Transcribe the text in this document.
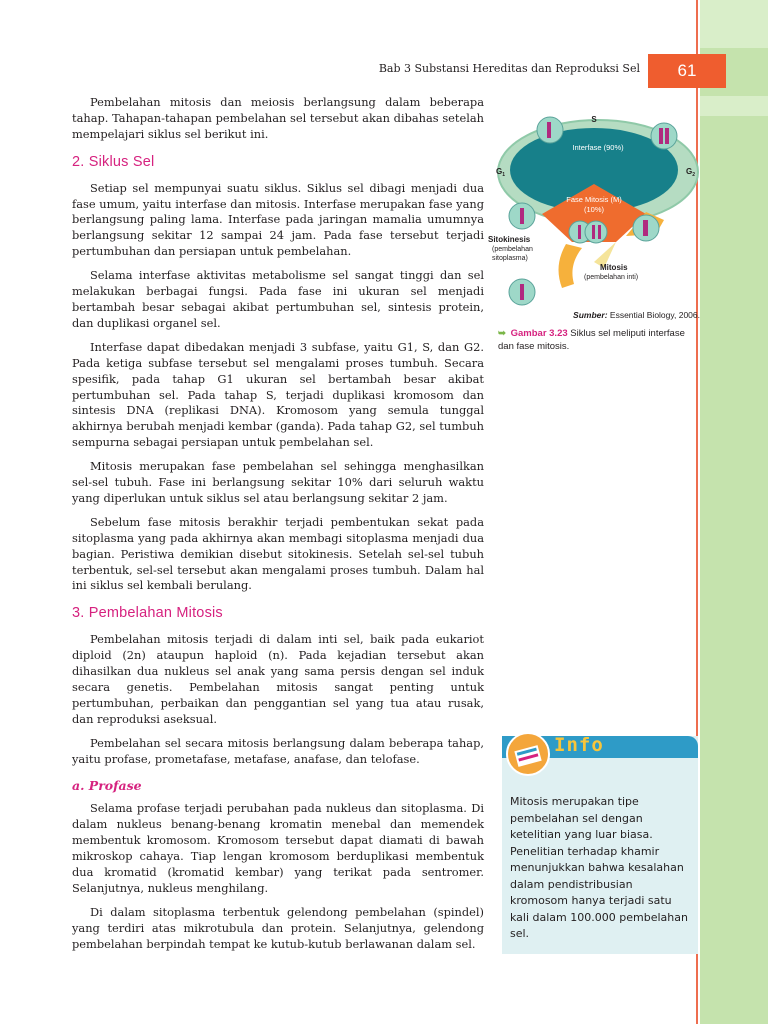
Bab 3 Substansi Hereditas dan Reproduksi Sel	61

Pembelahan mitosis dan meiosis berlangsung dalam beberapa tahap. Tahapan-tahapan pembelahan sel tersebut akan dibahas setelah mempelajari siklus sel berikut ini.

2. Siklus Sel

Setiap sel mempunyai suatu siklus. Siklus sel dibagi menjadi dua fase umum, yaitu interfase dan mitosis. Interfase merupakan fase yang berlangsung paling lama. Interfase pada jaringan mamalia umumnya berlangsung sekitar 12 sampai 24 jam. Pada fase tersebut terjadi pertumbuhan dan persiapan untuk pembelahan.

Selama interfase aktivitas metabolisme sel sangat tinggi dan sel melakukan berbagai fungsi. Pada fase ini ukuran sel menjadi bertambah besar sebagai akibat pertumbuhan sel, sintesis protein, dan duplikasi organel sel.

Interfase dapat dibedakan menjadi 3 subfase, yaitu G1, S, dan G2. Pada ketiga subfase tersebut sel mengalami proses tumbuh. Secara spesifik, pada tahap G1 ukuran sel bertambah besar akibat pertumbuhan sel. Pada tahap S, terjadi duplikasi kromosom dan sintesis DNA (replikasi DNA). Kromosom yang semula tunggal akhirnya berubah menjadi kembar (ganda). Pada tahap G2, sel tumbuh sempurna sebagai persiapan untuk pembelahan sel.

Mitosis merupakan fase pembelahan sel sehingga menghasilkan sel-sel tubuh. Fase ini berlangsung sekitar 10% dari seluruh waktu yang diperlukan untuk siklus sel atau berlangsung sekitar 2 jam.

Sebelum fase mitosis berakhir terjadi pembentukan sekat pada sitoplasma yang pada akhirnya akan membagi sitoplasma menjadi dua bagian. Peristiwa demikian disebut sitokinesis. Setelah sel-sel tubuh terbentuk, sel-sel tersebut akan mengalami proses tumbuh. Dalam hal ini siklus sel kembali berulang.

3. Pembelahan Mitosis

Pembelahan mitosis terjadi di dalam inti sel, baik pada eukariot diploid (2n) ataupun haploid (n). Pada kejadian tersebut akan dihasilkan dua nukleus sel anak yang sama persis dengan sel induk secara genetis. Pembelahan mitosis sangat penting untuk pertumbuhan, perbaikan dan penggantian sel yang tua atau rusak, dan reproduksi aseksual.

Pembelahan sel secara mitosis berlangsung dalam beberapa tahap, yaitu profase, prometafase, metafase, anafase, dan telofase.

a. Profase

Selama profase terjadi perubahan pada nukleus dan sitoplasma. Di dalam nukleus benang-benang kromatin menebal dan memendek membentuk kromosom. Kromosom tersebut dapat diamati di bawah mikroskop cahaya. Tiap lengan kromosom berduplikasi membentuk dua kromatid (kromatid kembar) yang terikat pada sentromer. Selanjutnya, nukleus menghilang.

Di dalam sitoplasma terbentuk gelendong pembelahan (spindel) yang terdiri atas mikrotubula dan protein. Selanjutnya, gelendong pembelahan berpindah tempat ke kutub-kutub berlawanan dalam sel.

S
$G_1$	$G_2$
Interfase (90%)
Fase Mitosis (M)
(10%)
Sitokinesis
(pembelahan
sitoplasma)
Mitosis
(pembelahan inti)
Sumber: Essential Biology, 2006.
➥ Gambar 3.23 Siklus sel meliputi interfase dan fase mitosis.
Info
Mitosis merupakan tipe pembelahan sel dengan ketelitian yang luar biasa. Penelitian terhadap khamir menunjukkan bahwa kesalahan dalam pendistribusian kromosom hanya terjadi satu kali dalam 100.000 pembelahan sel.
